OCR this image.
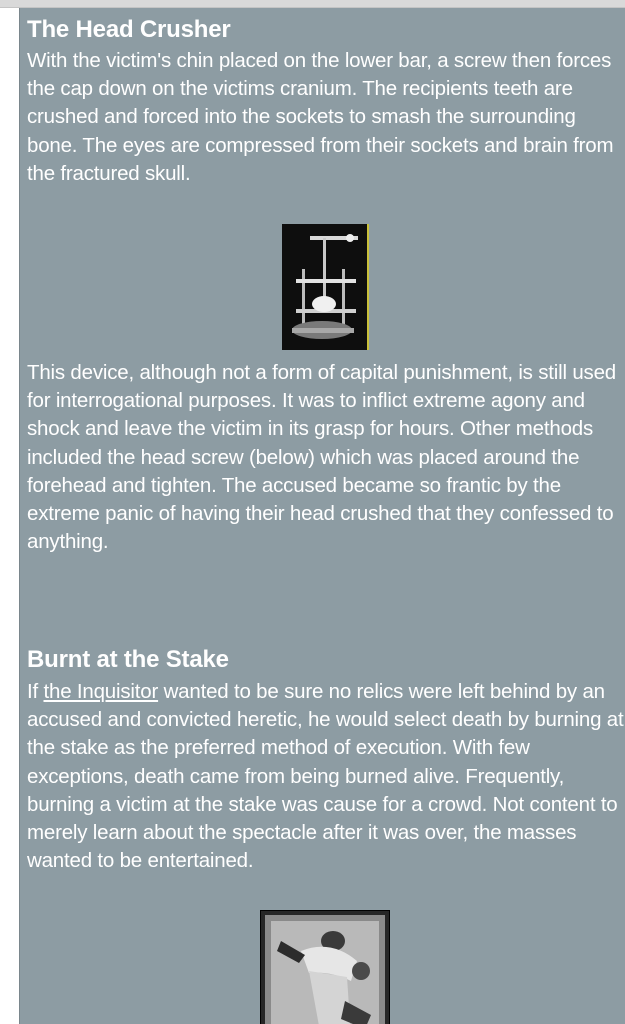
The Head Crusher

With the victim's chin placed on the lower bar, a screw then forces the cap down on the victims cranium. The recipients teeth are crushed and forced into the sockets to smash the surrounding bone. The eyes are compressed from their sockets and brain from the fractured skull.

This device, although not a form of capital punishment, is still used for interrogational purposes. It was to inflict extreme agony and shock and leave the victim in its grasp for hours. Other methods included the head screw (below) which was placed around the forehead and tighten. The accused became so frantic by the extreme panic of having their head crushed that they confessed to anything.

Burnt at the Stake

If the Inquisitor wanted to be sure no relics were left behind by an accused and convicted heretic, he would select death by burning at the stake as the preferred method of execution. With few exceptions, death came from being burned alive. Frequently, burning a victim at the stake was cause for a crowd. Not content to merely learn about the spectacle after it was over, the masses wanted to be entertained.
